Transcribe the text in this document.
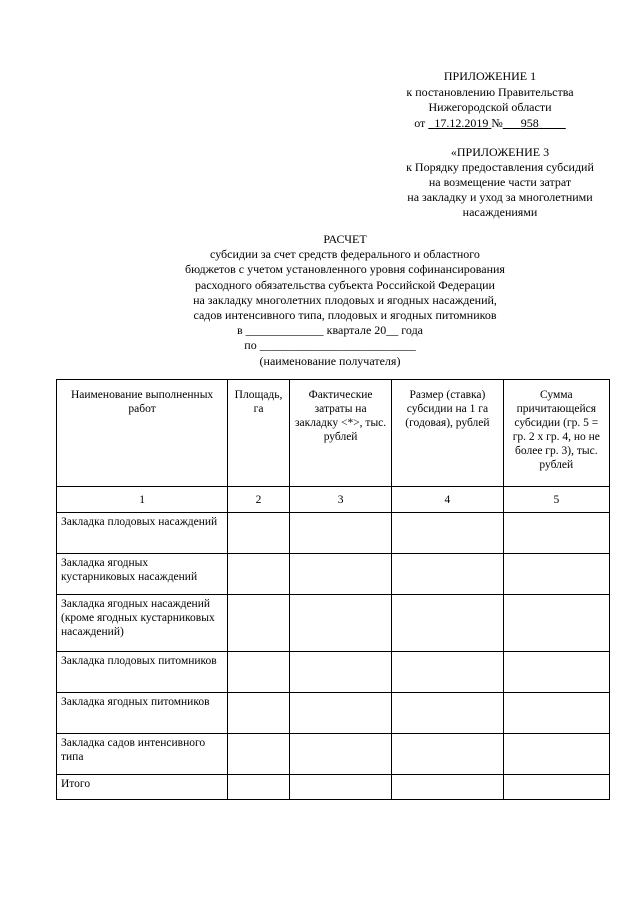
ПРИЛОЖЕНИЕ 1
к постановлению Правительства
Нижегородской области
от 17.12.2019 № 958
«ПРИЛОЖЕНИЕ 3
к Порядку предоставления субсидий
на возмещение части затрат
на закладку и уход за многолетними
насаждениями
РАСЧЕТ
субсидии за счет средств федерального и областного
бюджетов с учетом установленного уровня софинансирования
расходного обязательства субъекта Российской Федерации
на закладку многолетних плодовых и ягодных насаждений,
садов интенсивного типа, плодовых и ягодных питомников
в _____________ квартале 20__ года
по __________________________
(наименование получателя)
Наименование выполненных работ	Площадь, га	Фактические затраты на закладку <*>, тыс. рублей	Размер (ставка) субсидии на 1 га (годовая), рублей	Сумма причитающейся субсидии (гр. 5 = гр. 2 x гр. 4, но не более гр. 3), тыс. рублей
1	2	3	4	5
Закладка плодовых насаждений				
Закладка ягодных кустарниковых насаждений				
Закладка ягодных насаждений (кроме ягодных кустарниковых насаждений)				
Закладка плодовых питомников				
Закладка ягодных питомников				
Закладка садов интенсивного типа				
Итого				
